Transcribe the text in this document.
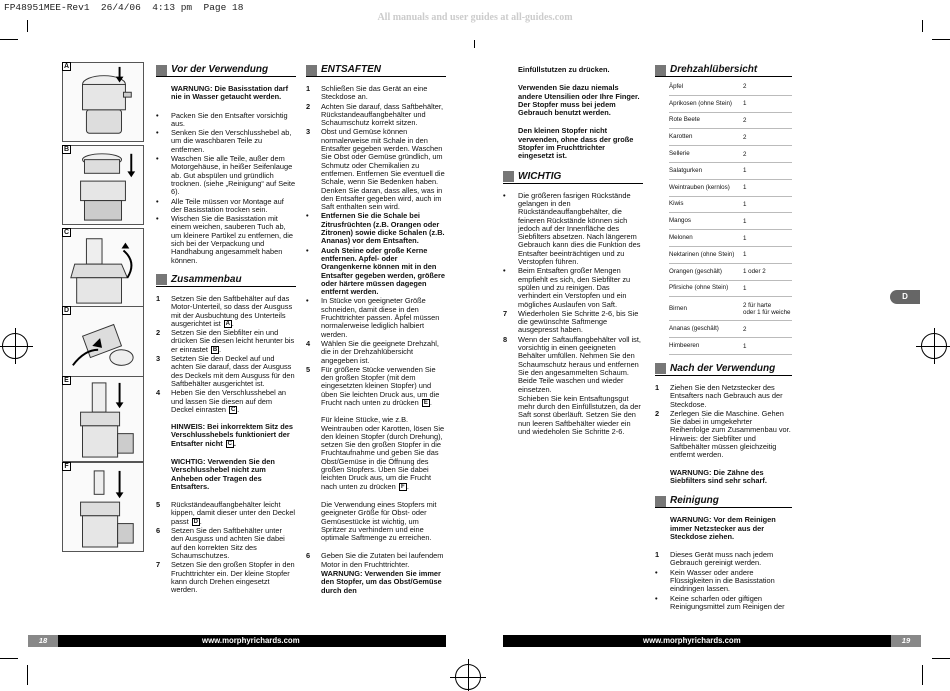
FP48951MEE-Rev1  26/4/06  4:13 pm  Page 18
All manuals and user guides at all-guides.com
A
B
C
D
E
F
Vor der Verwendung
WARNUNG: Die Basisstation darf nie in Wasser getaucht werden.
•	Packen Sie den Entsafter vorsichtig aus.
•	Senken Sie den Verschlusshebel ab, um die waschbaren Teile zu entfernen.
•	Waschen Sie alle Teile, außer dem Motorgehäuse, in heißer Seifenlauge ab. Gut abspülen und gründlich trocknen. (siehe „Reinigung“ auf Seite 6).
•	Alle Teile müssen vor Montage auf der Basisstation trocken sein.
•	Wischen Sie die Basisstation mit einem weichen, sauberen Tuch ab, um kleinere Partikel zu entfernen, die sich bei der Verpackung und Handhabung angesammelt haben können.
Zusammenbau
1	Setzen Sie den Saftbehälter auf das Motor-Unterteil, so dass der Ausguss mit der Ausbuchtung des Unterteils ausgerichtet ist A .
2	Setzen Sie den Siebfilter ein und drücken Sie diesen leicht herunter bis er einrastet B .
3	Setzten Sie den Deckel auf und achten Sie darauf, dass der Ausguss des Deckels mit dem Ausguss für den Saftbehälter ausgerichtet ist.
4	Heben Sie den Verschlusshebel an und lassen Sie diesen auf dem Deckel einrasten C .
HINWEIS: Bei inkorrektem Sitz des Verschlusshebels funktioniert der Entsafter nicht C .
WICHTIG: Verwenden Sie den Verschlusshebel nicht zum Anheben oder Tragen des Entsafters.
5	Rückständeauffangbehälter leicht kippen, damit dieser unter den Deckel passt D .
6	Setzen Sie den Saftbehälter unter den Ausguss und achten Sie dabei auf den korrekten Sitz des Schaumschutzes.
7	Setzen Sie den großen Stopfer in den Fruchttrichter ein. Der kleine Stopfer kann durch Drehen eingesetzt werden.
ENTSAFTEN
1	Schließen Sie das Gerät an eine Steckdose an.
2	Achten Sie darauf, dass Saftbehälter, Rückstandeauffangbehälter und Schaumschutz korrekt sitzen.
3	Obst und Gemüse können normalerweise mit Schale in den Entsafter gegeben werden. Waschen Sie Obst oder Gemüse gründlich, um Schmutz oder Chemikalien zu entfernen. Entfernen Sie eventuell die Schale, wenn Sie Bedenken haben. Denken Sie daran, dass alles, was in den Entsafter gegeben wird, auch im Saft enthalten sein wird.
•	Entfernen Sie die Schale bei Zitrusfrüchten (z.B. Orangen oder Zitronen) sowie dicke Schalen (z.B. Ananas) vor dem Entsaften.
•	Auch Steine oder große Kerne entfernen. Apfel- oder Orangenkerne können mit in den Entsafter gegeben werden, größere oder härtere müssen dagegen entfernt werden.
•	In Stücke von geeigneter Größe schneiden, damit diese in den Fruchttrichter passen. Äpfel müssen normalerweise lediglich halbiert werden.
4	Wählen Sie die geeignete Drehzahl, die in der Drehzahlübersicht angegeben ist.
5	Für größere Stücke verwenden Sie den großen Stopfer (mit dem eingesetzten kleinen Stopfer) und üben Sie leichten Druck aus, um die Frucht nach unten zu drücken E .
Für kleine Stücke, wie z.B. Weintrauben oder Karotten, lösen Sie den kleinen Stopfer (durch Drehung), setzen Sie den großen Stopfer in die Fruchtaufnahme und geben Sie das Obst/Gemüse in die Öffnung des großen Stopfers. Üben Sie dabei leichten Druck aus, um die Frucht nach unten zu drücken F .
Die Verwendung eines Stopfers mit geeigneter Größe für Obst- oder Gemüsestücke ist wichtig, um Spritzer zu verhindern und eine optimale Saftmenge zu erreichen.
6	Geben Sie die Zutaten bei laufendem Motor in den Fruchttrichter.
WARNUNG: Verwenden Sie immer den Stopfer, um das Obst/Gemüse durch den
Einfüllstutzen zu drücken.
Verwenden Sie dazu niemals andere Utensilien oder Ihre Finger. Der Stopfer muss bei jedem Gebrauch benutzt werden.
Den kleinen Stopfer nicht verwenden, ohne dass der große Stopfer im Fruchttrichter eingesetzt ist.
WICHTIG
•	Die größeren fasrigen Rückstände gelangen in den Rückständeauffangbehälter, die feineren Rückstände können sich jedoch auf der Innenfläche des Siebfilters absetzen. Nach längerem Gebrauch kann dies die Funktion des Entsafter beeinträchtigen und zu Verstopfen führen.
•	Beim Entsaften großer Mengen empfiehlt es sich, den Siebfilter zu spülen und zu reinigen. Das verhindert ein Verstopfen und ein mögliches Auslaufen von Saft.
7	Wiederholen Sie Schritte 2-6, bis Sie die gewünschte Saftmenge ausgepresst haben.
8	Wenn der Saftauffangbehälter voll ist, vorsichtig in einen geeigneten Behälter umfüllen. Nehmen Sie den Schaumschutz heraus und entfernen Sie den angesammelten Schaum. Beide Teile waschen und wieder einsetzen.
Schieben Sie kein Entsaftungsgut mehr durch den Einfüllstutzen, da der Saft sonst überläuft. Setzen Sie den nun leeren Saftbehälter wieder ein und wiedeholen Sie Schritte 2-6.
Drehzahlübersicht
Äpfel	2
Aprikosen (ohne Stein)	1
Rote Beete	2
Karotten	2
Sellerie	2
Salatgurken	1
Weintrauben (kernlos)	1
Kiwis	1
Mangos	1
Melonen	1
Nektarinen (ohne Stein)	1
Orangen (geschält)	1 oder 2
Pfirsiche (ohne Stein)	1
Birnen	2 für harte
oder 1 für weiche
Ananas (geschält)	2
Himbeeren	1
Nach der Verwendung
1	Ziehen Sie den Netzstecker des Entsafters nach Gebrauch aus der Steckdose.
2	Zerlegen Sie die Maschine. Gehen Sie dabei in umgekehrter Reihenfolge zum Zusammenbau vor. Hinweis: der Siebfilter und Saftbehälter müssen gleichzeitig entfernt werden.
WARNUNG: Die Zähne des Siebfilters sind sehr scharf.
Reinigung
WARNUNG: Vor dem Reinigen immer Netzstecker aus der Steckdose ziehen.
1	Dieses Gerät muss nach jedem Gebrauch gereinigt werden.
•	Kein Wasser oder andere Flüssigkeiten in die Basisstation eindringen lassen.
•	Keine scharfen oder giftigen Reinigungsmittel zum Reinigen der
D
18	www.morphyrichards.com	www.morphyrichards.com	19
